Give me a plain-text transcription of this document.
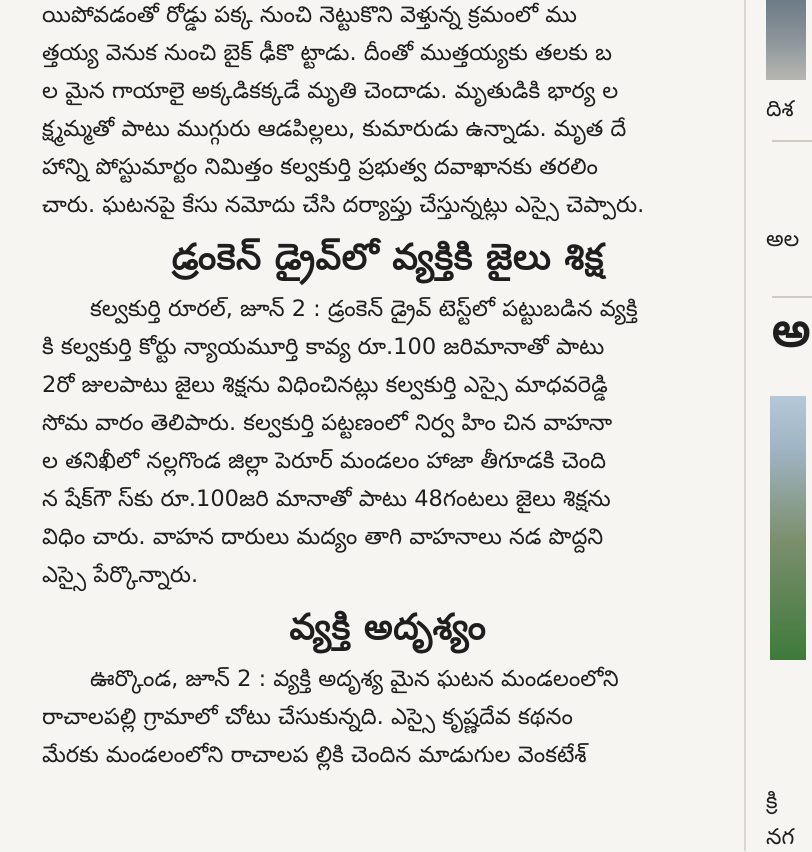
యిపోవడంతో రోడ్డు పక్క నుంచి నెట్టుకొని వెళ్తున్న క్రమంలో ము
త్తయ్య వెనుక నుంచి బైక్ ఢీకొ ట్టాడు. దీంతో ముత్తయ్యకు తలకు బ
ల మైన గాయాలై అక్కడికక్కడే మృతి చెందాడు. మృతుడికి భార్య ల
క్ష్మమ్మతో పాటు ముగ్గురు ఆడపిల్లలు, కుమారుడు ఉన్నాడు. మృత దే
హాన్ని పోస్టుమార్టం నిమిత్తం కల్వకుర్తి ప్రభుత్వ దవాఖానకు తరలిం
చారు. ఘటనపై కేసు నమోదు చేసి దర్యాప్తు చేస్తున్నట్లు ఎస్సై చెప్పారు.
డ్రంకెన్ డ్రైవ్‌లో వ్యక్తికి జైలు శిక్ష
కల్వకుర్తి రూరల్, జూన్ 2 : డ్రంకెన్ డ్రైవ్ టెస్ట్‌లో పట్టుబడిన వ్యక్తి
కి కల్వకుర్తి కోర్టు న్యాయమూర్తి కావ్య రూ.100 జరిమానాతో పాటు
2రో జులపాటు జైలు శిక్షను విధించినట్లు కల్వకుర్తి ఎస్సై మాధవరెడ్డి
సోమ వారం తెలిపారు. కల్వకుర్తి పట్టణంలో నిర్వ హిం చిన వాహనా
ల తనిఖీలో నల్లగొండ జిల్లా పెరూర్ మండలం హాజా తీగూడకి చెంది
న షేక్‌గౌ స్‌కు రూ.100జరి మానాతో పాటు 48గంటలు జైలు శిక్షను
విధిం చారు. వాహన దారులు మద్యం తాగి వాహనాలు నడ పొద్దని
ఎస్సై పేర్కొన్నారు.
వ్యక్తి అదృశ్యం
ఊర్కొండ, జూన్ 2 : వ్యక్తి అదృశ్య మైన ఘటన మండలంలోని
రాచాలపల్లి గ్రామాలో చోటు చేసుకున్నది. ఎస్సై కృష్ణదేవ కథనం
మేరకు మండలంలోని రాచాలప ల్లికి చెందిన మాడుగుల వెంకటేశ్
దిశ
అల
అ
క్రి
నగ
